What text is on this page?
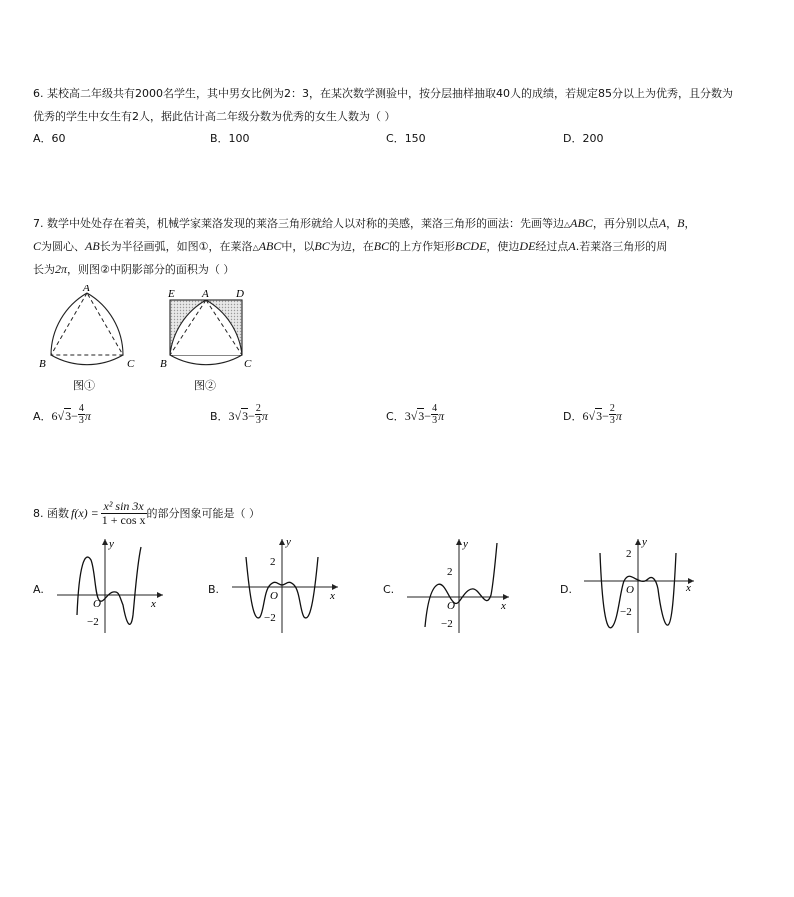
6. 某校高二年级共有2000名学生，其中男女比例为2：3，在某次数学测验中，按分层抽样抽取40人的成绩，若规定85分以上为优秀，且分数为
优秀的学生中女生有2人，据此估计高二年级分数为优秀的女生人数为（ ）
A．60	B．100	C．150	D．200
7. 数学中处处存在着美，机械学家莱洛发现的莱洛三角形就给人以对称的美感，莱洛三角形的画法：先画等边△ABC，再分别以点A，B，
C为圆心、AB长为半径画弧，如图①，在莱洛△ABC中，以BC为边，在BC的上方作矩形BCDE，使边DE经过点A.若莱洛三角形的周
长为2π，则图②中阴影部分的面积为（ ）
A
B	C
图①
E A D
B	C
图②
A．$6√3- \frac{4}{3}$ π	B．$3√3- \frac{2}{3}$ π	C．$3√3- \frac{4}{3}$ π	D．$6√3- \frac{2}{3}$ π
8. 函数 $f(x) = \frac{\text{x² sin 3x}}{\text{1 + cos x}}$ 的部分图象可能是（ ）
A.
y
x
O
−2
B.
y
x
O
2
−2
C.
y
x
O
2
−2
D.
y
x
O
2
−2
